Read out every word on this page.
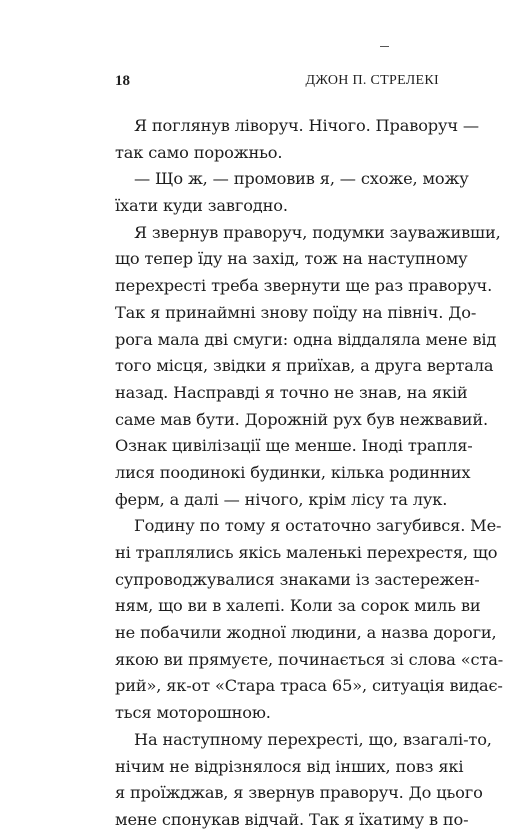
18	ДЖОН П. СТРЕЛЕКІ
Я поглянув ліворуч. Нічого. Праворуч —
так само порожньо.
— Що ж, — промовив я, — схоже, можу
їхати куди завгодно.
Я звернув праворуч, подумки зауваживши,
що тепер їду на захід, тож на наступному
перехресті треба звернути ще раз праворуч.
Так я принаймні знову поїду на північ. До-
рога мала дві смуги: одна віддаляла мене від
того місця, звідки я приїхав, а друга вертала
назад. Насправді я точно не знав, на якій
саме мав бути. Дорожній рух був нежвавий.
Ознак цивілізації ще менше. Іноді трапля-
лися поодинокі будинки, кілька родинних
ферм, а далі — нічого, крім лісу та лук.
Годину по тому я остаточно загубився. Ме-
ні траплялись якісь маленькі перехрестя, що
супроводжувалися знаками із застережен-
ням, що ви в халепі. Коли за сорок миль ви
не побачили жодної людини, а назва дороги,
якою ви прямуєте, починається зі слова «ста-
рий», як-от «Стара траса 65», ситуація видає-
ться моторошною.
На наступному перехресті, що, взагалі-то,
нічим не відрізнялося від інших, повз які
я проїжджав, я звернув праворуч. До цього
мене спонукав відчай. Так я їхатиму в по-
